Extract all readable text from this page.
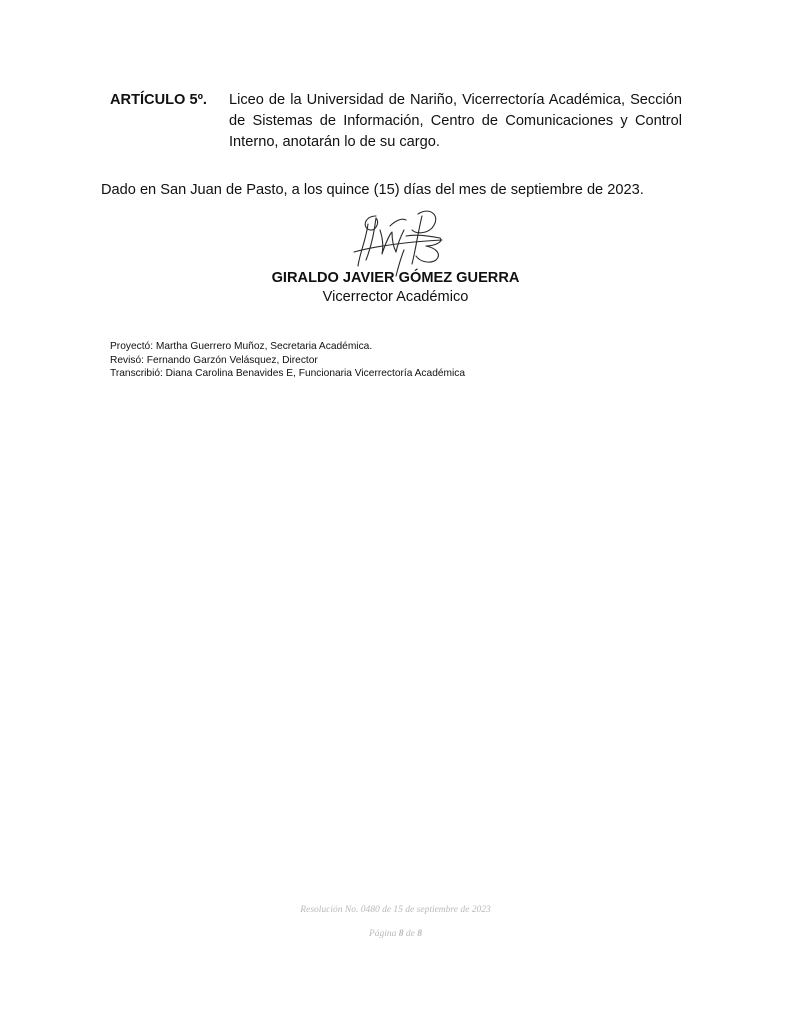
ARTÍCULO 5º. Liceo de la Universidad de Nariño, Vicerrectoría Académica, Sección de Sistemas de Información, Centro de Comunicaciones y Control Interno, anotarán lo de su cargo.
Dado en San Juan de Pasto, a los quince (15) días del mes de septiembre de 2023.
GIRALDO JAVIER GÓMEZ GUERRA
Vicerrector Académico
Proyectó: Martha Guerrero Muñoz, Secretaria Académica.
Revisó: Fernando Garzón Velásquez, Director
Transcribió: Diana Carolina Benavides E, Funcionaria Vicerrectoría Académica
Resolución No. 0480 de 15 de septiembre de 2023
Página 8 de 8
